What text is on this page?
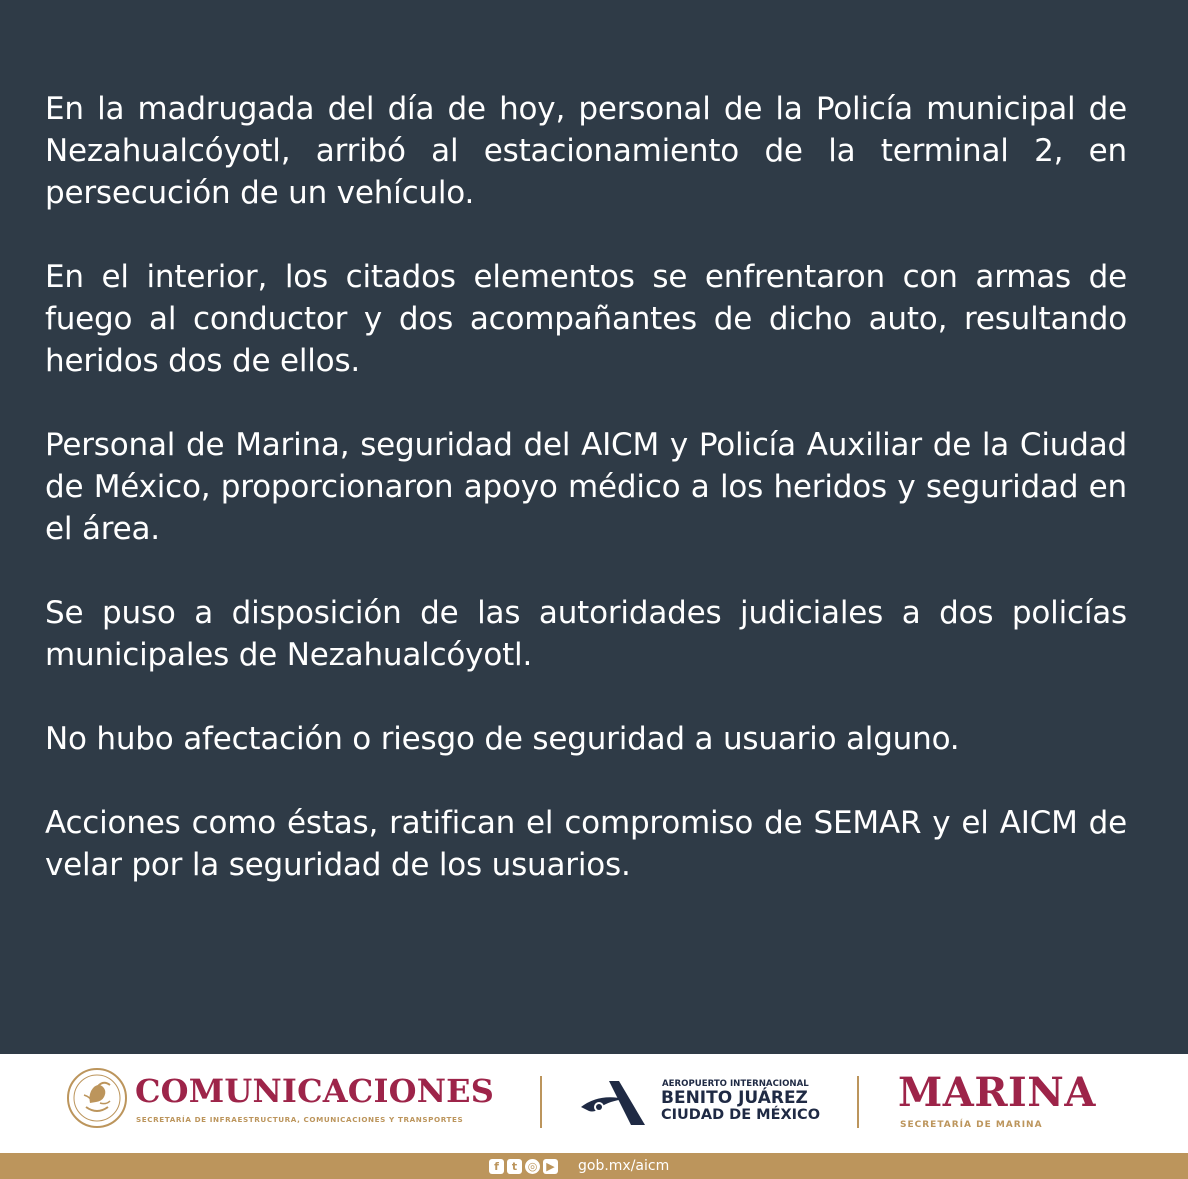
En la madrugada del día de hoy, personal de la Policía municipal de Nezahualcóyotl, arribó al estacionamiento de la terminal 2, en persecución de un vehículo.

En el interior, los citados elementos se enfrentaron con armas de fuego al conductor y dos acompañantes de dicho auto, resultando heridos dos de ellos.

Personal de Marina, seguridad del AICM y Policía Auxiliar de la Ciudad de México, proporcionaron apoyo médico a los heridos y seguridad en el área.

Se puso a disposición de las autoridades judiciales a dos policías municipales de Nezahualcóyotl.

No hubo afectación o riesgo de seguridad a usuario alguno.

Acciones como éstas, ratifican el compromiso de SEMAR y el AICM de velar por la seguridad de los usuarios.

COMUNICACIONES
SECRETARÍA DE INFRAESTRUCTURA, COMUNICACIONES Y TRANSPORTES
AEROPUERTO INTERNACIONAL
BENITO JUÁREZ
CIUDAD DE MÉXICO MARINA
SECRETARÍA DE MARINA
f	t ◎ ▶ gob.mx/aicm
